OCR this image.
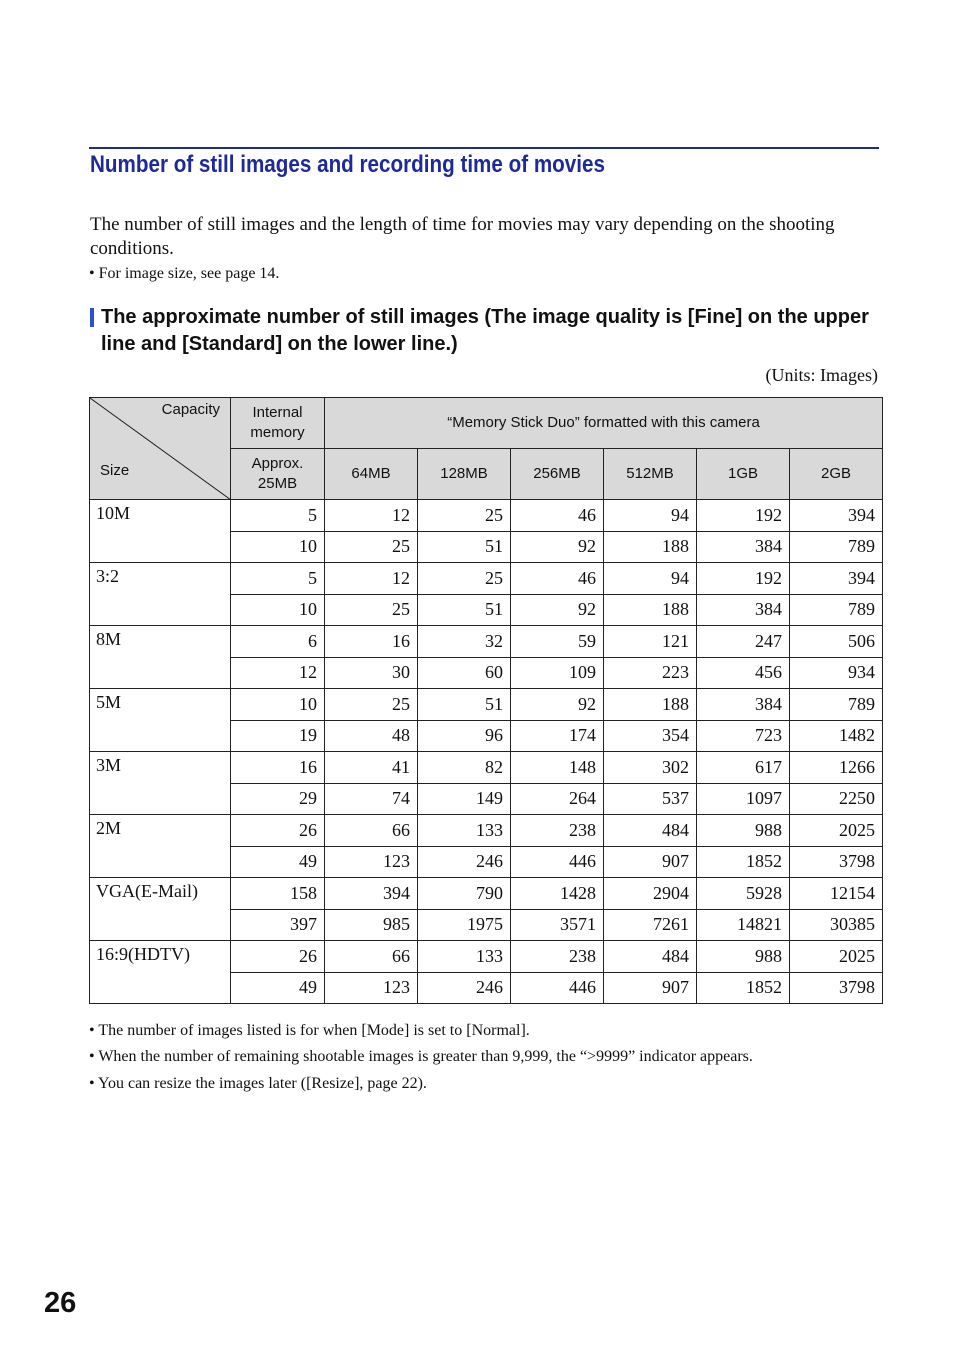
Number of still images and recording time of movies

The number of still images and the length of time for movies may vary depending on the shooting conditions.

• For image size, see page 14.

The approximate number of still images (The image quality is [Fine] on the upper line and [Standard] on the lower line.)

(Units: Images)
Capacity
Size	Internal memory	“Memory Stick Duo” formatted with this camera					
	Approx. 25MB	64MB	128MB	256MB	512MB	1GB	2GB
10M	5	12	25	46	94	192	394
	10	25	51	92	188	384	789
3:2	5	12	25	46	94	192	394
	10	25	51	92	188	384	789
8M	6	16	32	59	121	247	506
	12	30	60	109	223	456	934
5M	10	25	51	92	188	384	789
	19	48	96	174	354	723	1482
3M	16	41	82	148	302	617	1266
	29	74	149	264	537	1097	2250
2M	26	66	133	238	484	988	2025
	49	123	246	446	907	1852	3798
VGA(E-Mail)	158	394	790	1428	2904	5928	12154
	397	985	1975	3571	7261	14821	30385
16:9(HDTV)	26	66	133	238	484	988	2025
	49	123	246	446	907	1852	3798

• The number of images listed is for when [Mode] is set to [Normal].

• When the number of remaining shootable images is greater than 9,999, the “>9999” indicator appears.

• You can resize the images later ([Resize], page 22).

26
